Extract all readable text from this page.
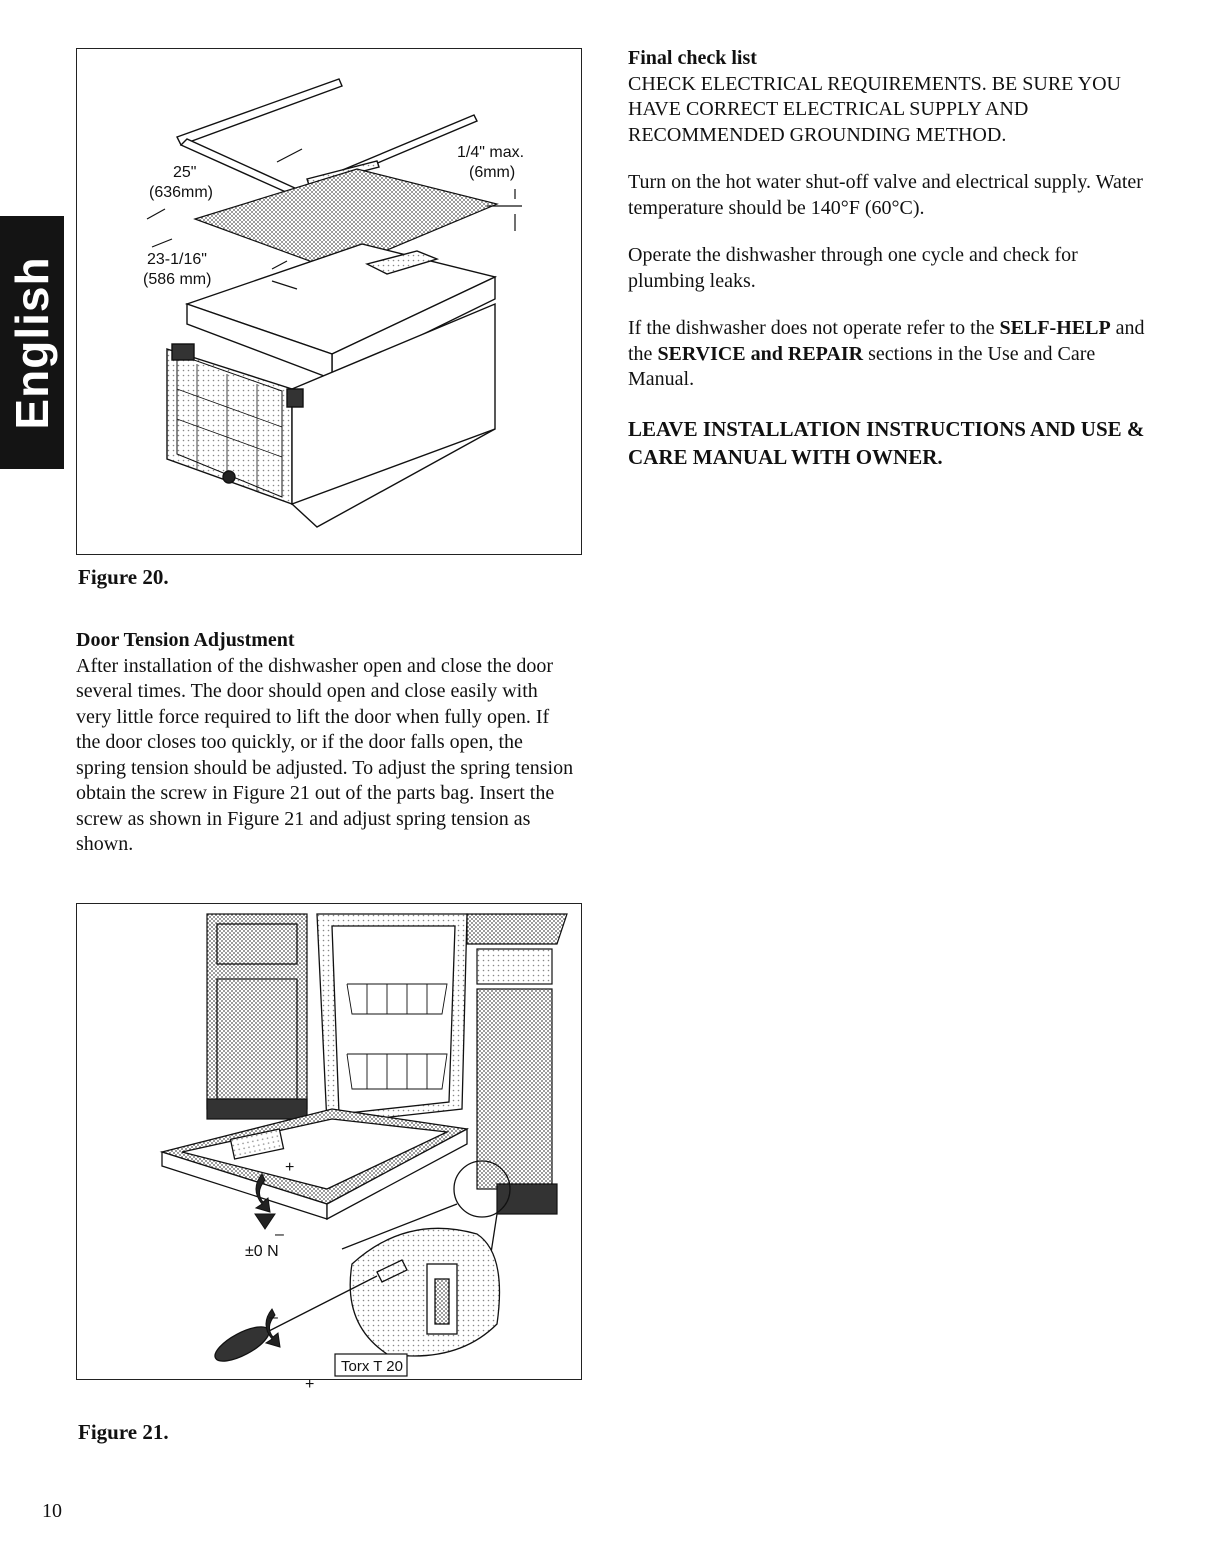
English
25"
(636mm)
23-1/16"
(586 mm)
1/4" max.
(6mm)
Figure 20.
Door Tension Adjustment
After installation of the dishwasher open and close the door several times. The door should open and close easily with very little force required to lift the door when fully open. If the door closes too quickly, or if the door falls open, the spring tension should be adjusted. To adjust the spring tension obtain the screw in Figure 21 out of the parts bag. Insert the screw as shown in Figure 21 and adjust spring tension as shown.
+
–
±0 N
–
+
Torx T 20
Figure 21.
Final check list
CHECK ELECTRICAL REQUIREMENTS. BE SURE YOU HAVE CORRECT ELECTRICAL SUPPLY AND RECOMMENDED GROUNDING METHOD.
Turn on the hot water shut-off valve and electrical supply. Water temperature should be 140°F (60°C).
Operate the dishwasher through one cycle and check for plumbing leaks.
If the dishwasher does not operate refer to the SELF-HELP and the SERVICE and REPAIR sections in the Use and Care Manual.
LEAVE INSTALLATION INSTRUCTIONS AND USE & CARE MANUAL WITH OWNER.
10
